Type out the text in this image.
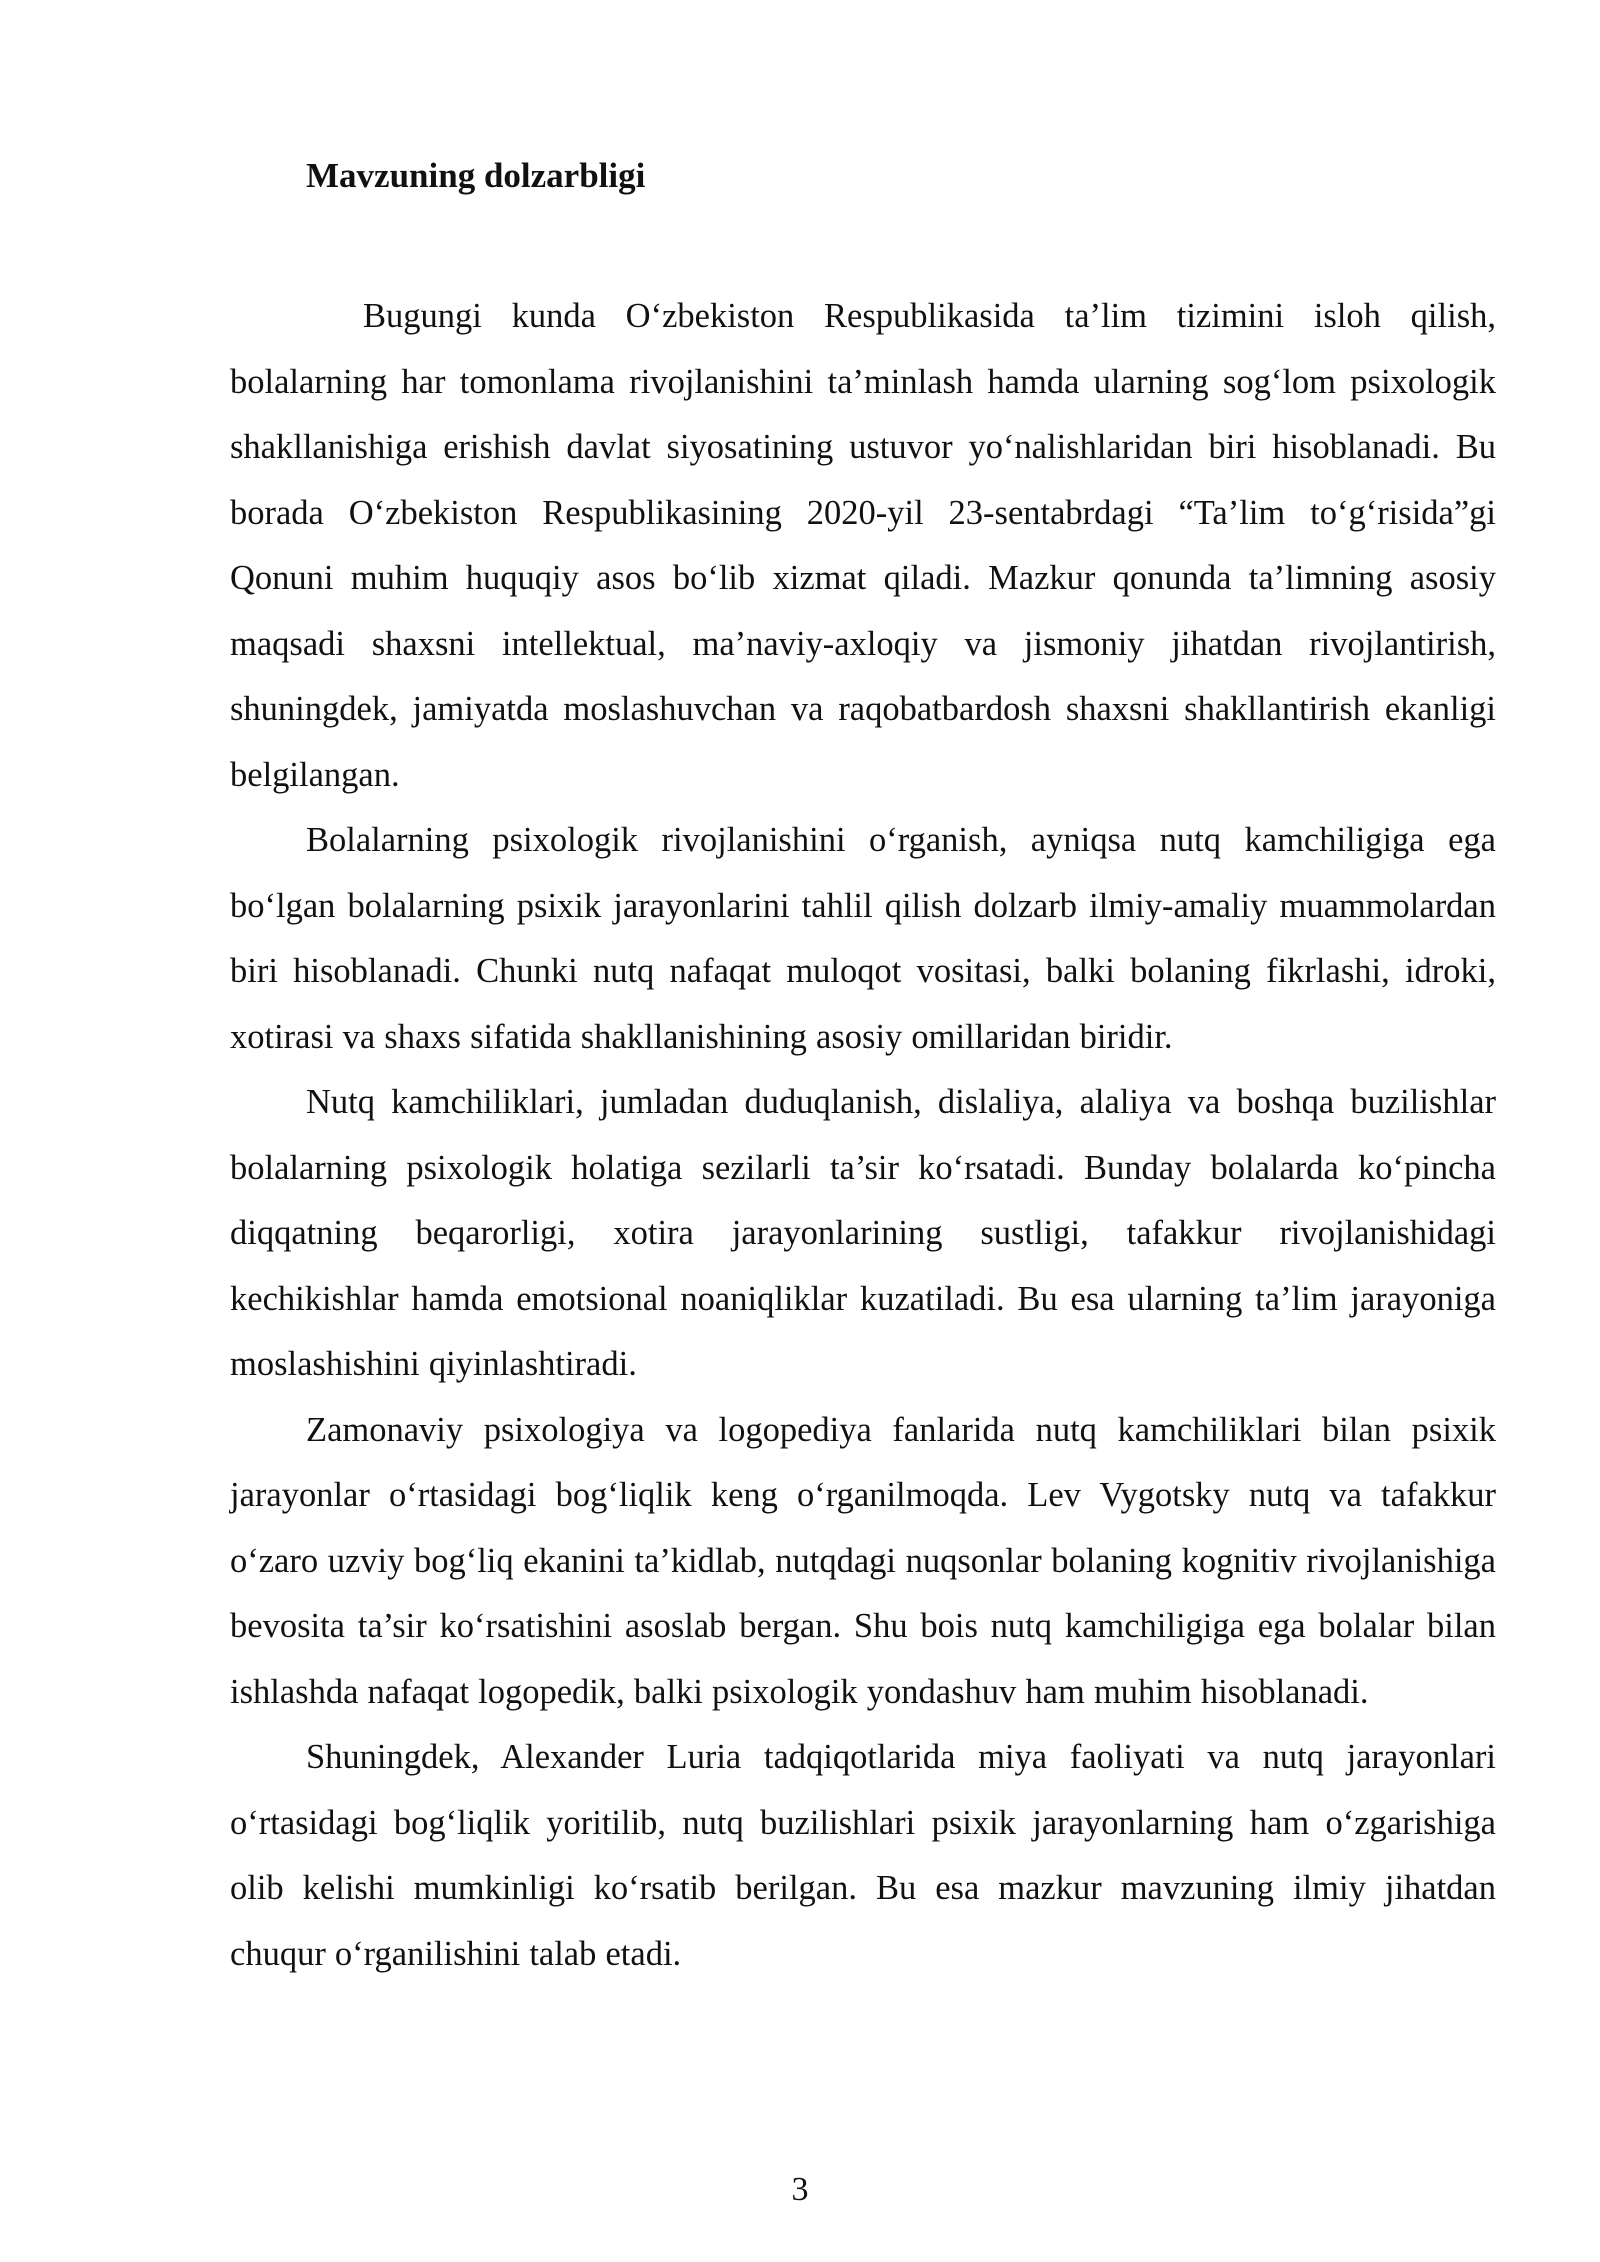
Mavzuning dolzarbligi

Bugungi kunda O‘zbekiston Respublikasida ta’lim tizimini isloh qilish, bolalarning har tomonlama rivojlanishini ta’minlash hamda ularning sog‘lom psixologik shakllanishiga erishish davlat siyosatining ustuvor yo‘nalishlaridan biri hisoblanadi. Bu borada O‘zbekiston Respublikasining 2020-yil 23-sentabrdagi “Ta’lim to‘g‘risida”gi Qonuni muhim huquqiy asos bo‘lib xizmat qiladi. Mazkur qonunda ta’limning asosiy maqsadi shaxsni intellektual, ma’naviy-axloqiy va jismoniy jihatdan rivojlantirish, shuningdek, jamiyatda moslashuvchan va raqobatbardosh shaxsni shakllantirish ekanligi belgilangan.

Bolalarning psixologik rivojlanishini o‘rganish, ayniqsa nutq kamchiligiga ega bo‘lgan bolalarning psixik jarayonlarini tahlil qilish dolzarb ilmiy-amaliy muammolardan biri hisoblanadi. Chunki nutq nafaqat muloqot vositasi, balki bolaning fikrlashi, idroki, xotirasi va shaxs sifatida shakllanishining asosiy omillaridan biridir.

Nutq kamchiliklari, jumladan duduqlanish, dislaliya, alaliya va boshqa buzilishlar bolalarning psixologik holatiga sezilarli ta’sir ko‘rsatadi. Bunday bolalarda ko‘pincha diqqatning beqarorligi, xotira jarayonlarining sustligi, tafakkur rivojlanishidagi kechikishlar hamda emotsional noaniqliklar kuzatiladi. Bu esa ularning ta’lim jarayoniga moslashishini qiyinlashtiradi.

Zamonaviy psixologiya va logopediya fanlarida nutq kamchiliklari bilan psixik jarayonlar o‘rtasidagi bog‘liqlik keng o‘rganilmoqda. Lev Vygotsky nutq va tafakkur o‘zaro uzviy bog‘liq ekanini ta’kidlab, nutqdagi nuqsonlar bolaning kognitiv rivojlanishiga bevosita ta’sir ko‘rsatishini asoslab bergan. Shu bois nutq kamchiligiga ega bolalar bilan ishlashda nafaqat logopedik, balki psixologik yondashuv ham muhim hisoblanadi.

Shuningdek, Alexander Luria tadqiqotlarida miya faoliyati va nutq jarayonlari o‘rtasidagi bog‘liqlik yoritilib, nutq buzilishlari psixik jarayonlarning ham o‘zgarishiga olib kelishi mumkinligi ko‘rsatib berilgan. Bu esa mazkur mavzuning ilmiy jihatdan chuqur o‘rganilishini talab etadi.

3
